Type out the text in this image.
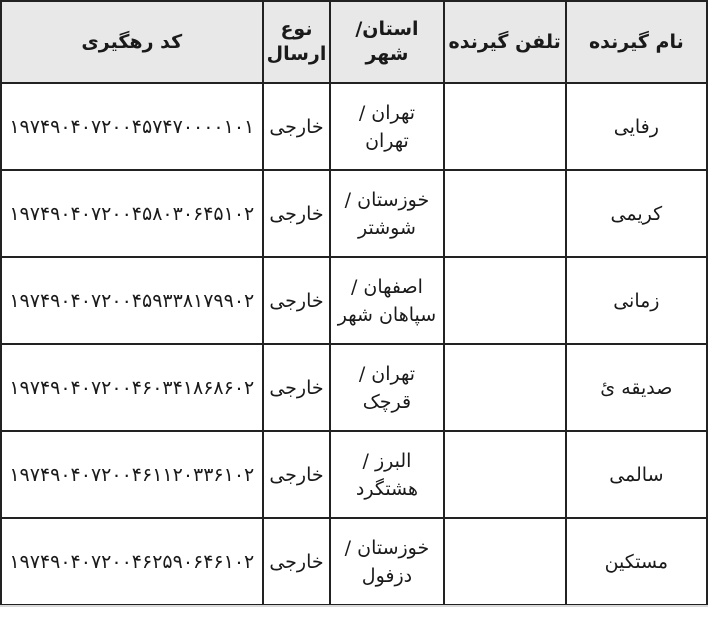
نام گیرنده	تلفن گیرنده	استان/ شهر	نوع ارسال	کد رهگیری
رفایی		تهران / تهران	خارجی	۱۹۷۴۹۰۴۰۷۲۰۰۴۵۷۴۷۰۰۰۰۱۰۱
کریمی		خوزستان / شوشتر	خارجی	۱۹۷۴۹۰۴۰۷۲۰۰۴۵۸۰۳۰۶۴۵۱۰۲
زمانی		اصفهان / سپاهان شهر	خارجی	۱۹۷۴۹۰۴۰۷۲۰۰۴۵۹۳۳۸۱۷۹۹۰۲
صدیقه ئ		تهران / قرچک	خارجی	۱۹۷۴۹۰۴۰۷۲۰۰۴۶۰۳۴۱۸۶۸۶۰۲
سالمی		البرز / هشتگرد	خارجی	۱۹۷۴۹۰۴۰۷۲۰۰۴۶۱۱۲۰۳۳۶۱۰۲
مستکین		خوزستان / دزفول	خارجی	۱۹۷۴۹۰۴۰۷۲۰۰۴۶۲۵۹۰۶۴۶۱۰۲
